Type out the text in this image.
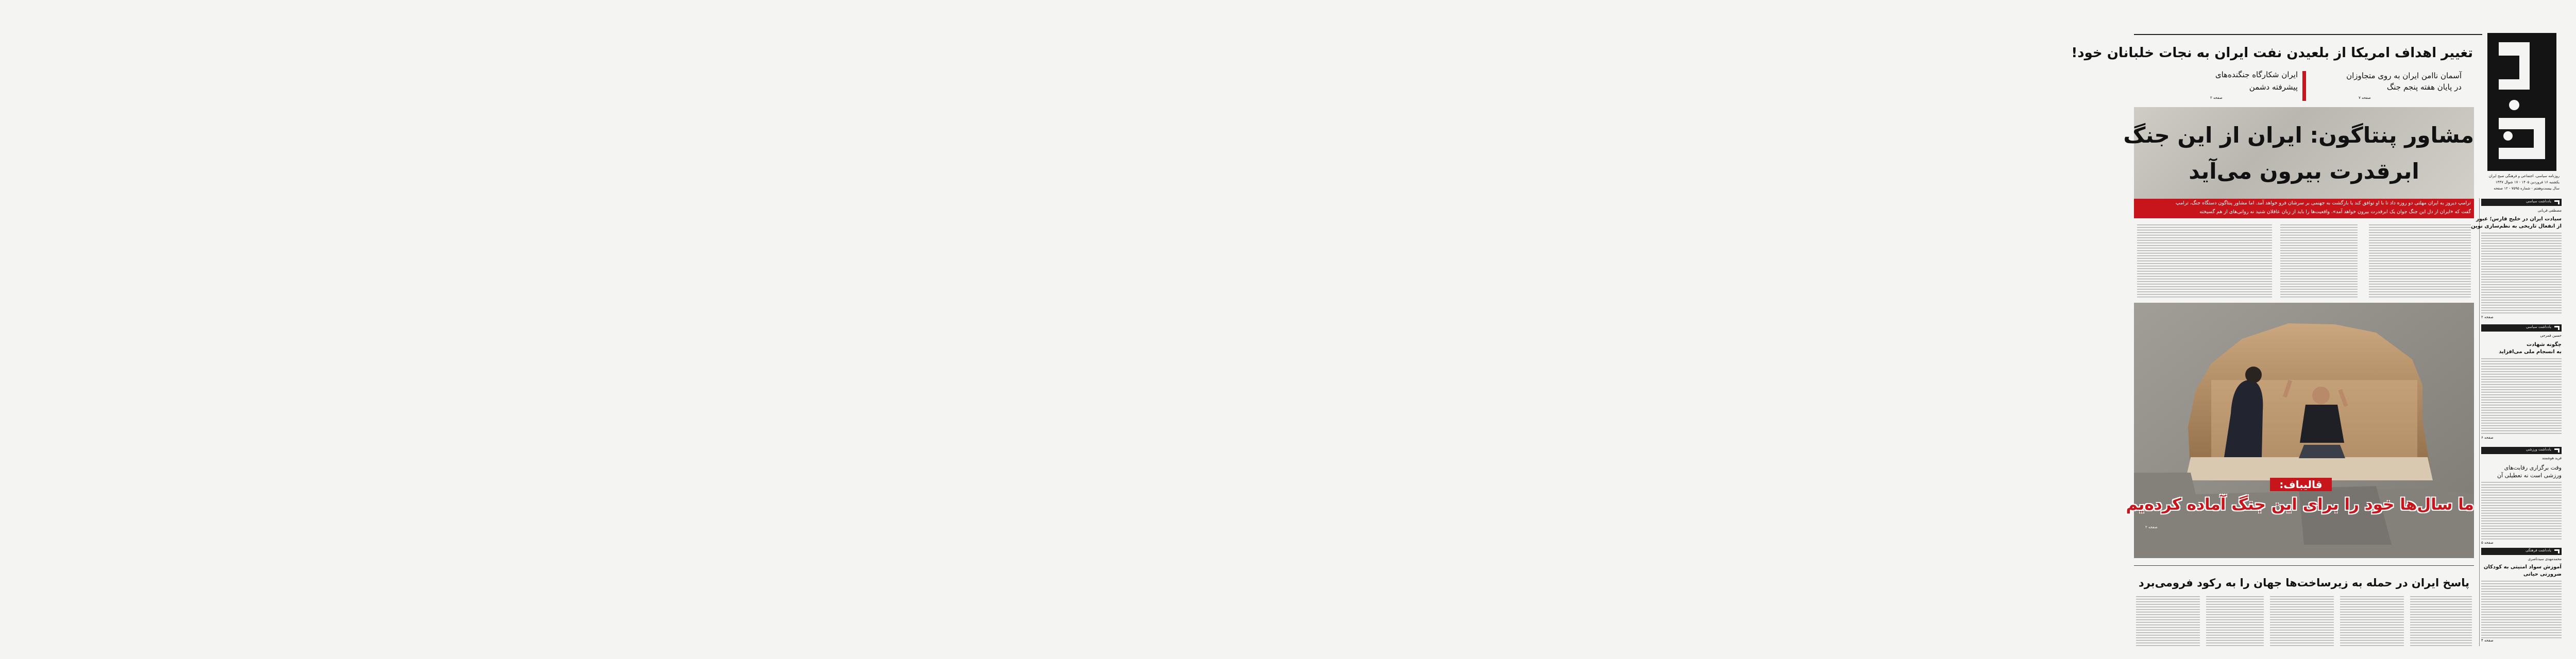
روزنامه سیاسی، اجتماعی و فرهنگی صبح ایران
یکشنبه ۱۶ فروردین ۱۴۰۵ - ۱۷ شوال ۱۴۴۷
سال بیست‌و‌هفتم - شماره ۷۵۹۵ - ۱۲ صفحه
تغییر اهداف امریکا از بلعیدن نفت ایران به نجات خلبانان خود!
آسمان ناامن ایران به روی متجاوزان
در پایان هفته پنجم جنگ
صفحه ۷
ایران شکارگاه جنگنده‌های
پیشرفته دشمن
صفحه ۲
مشاور پنتاگون: ایران از این جنگ
ابرقدرت بیرون می‌آید
ترامپ دیروز به ایران مهلتی دو روزه داد تا با او توافق کند یا بازگشت به جهنمی بر سرشان فرو خواهد آمد. اما مشاور پنتاگون دستگاه جنگ، ترامپ
گفت که «ایران از دل این جنگ جوان یک ابرقدرت بیرون خواهد آمد». واقعیت‌ها را باید از زبان عاقلان شنید نه روانی‌های از هم گسیخته
قالیباف:
ما سال‌ها خود را برای این جنگ آماده کرده‌یم
صفحه ۲
پاسخ ایران در حمله به زیرساخت‌ها جهان را به رکود فرومی‌برد
یادداشت سیاسی
مصطفی قربانی
سیادت ایران در خلیج فارس؛ عبور
از انفعال تاریخی به نظم‌سازی نوین
صفحه ۲
یادداشت سیاسی
حسین قمرجی
چگونه شهادت
به انسجام ملی می‌افزاید
صفحه ۶
یادداشت ورزشی
فرید هوشمند
وقت برگزاری رقابت‌های
ورزشی است نه تعطیلی آن
صفحه ۵
یادداشت فرهنگی
محمدمهدی سیدناصری
آموزش سواد امنیتی به کودکان
ضرورتی حیاتی
صفحه ۴
